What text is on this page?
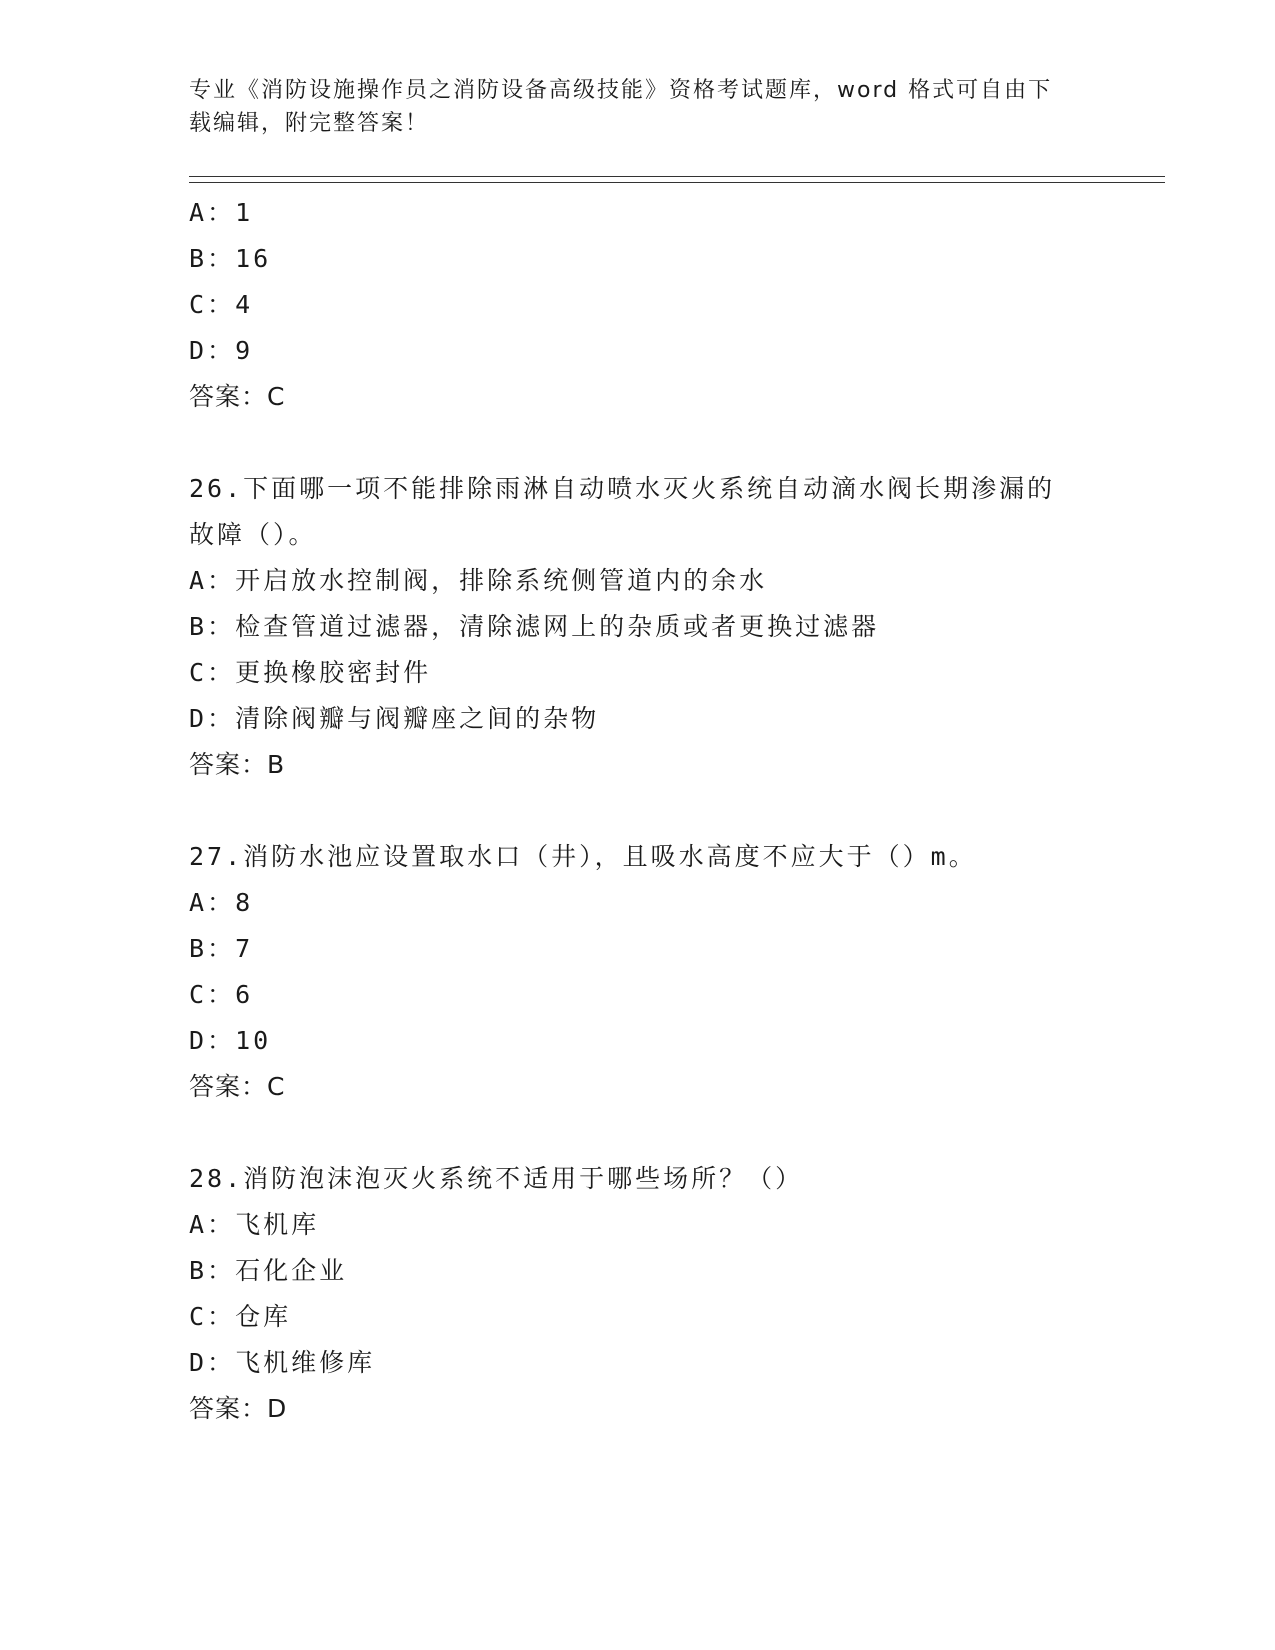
专业《消防设施操作员之消防设备高级技能》资格考试题库，word 格式可自由下
载编辑，附完整答案！
A：1
B：16
C：4
D：9
答案：C
26.下面哪一项不能排除雨淋自动喷水灭火系统自动滴水阀长期渗漏的
故障（）。
A：开启放水控制阀，排除系统侧管道内的余水
B：检查管道过滤器，清除滤网上的杂质或者更换过滤器
C：更换橡胶密封件
D：清除阀瓣与阀瓣座之间的杂物
答案：B
27.消防水池应设置取水口（井），且吸水高度不应大于（）m。
A：8
B：7
C：6
D：10
答案：C
28.消防泡沫泡灭火系统不适用于哪些场所？（）
A：飞机库
B：石化企业
C：仓库
D：飞机维修库
答案：D
